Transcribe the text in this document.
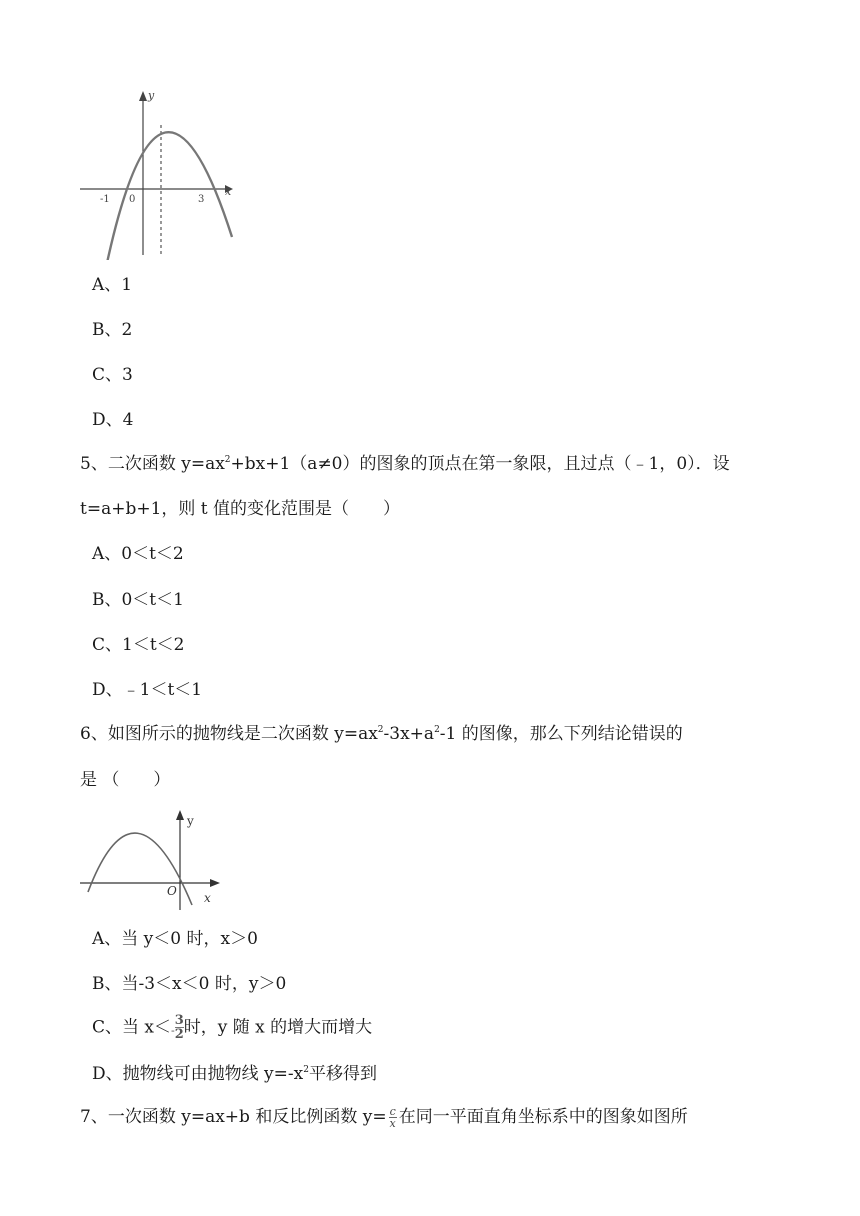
y
x
-1 0	3
A、1
B、2
C、3
D、4
5、二次函数 $y=ax^2+bx+1(a\ne 0)$的图象的顶点在第一象限，且过点（﹣1，0）．设
t=a+b+1，则 t 值的变化范围是（　　）
A、0＜t＜2
B、0＜t＜1
C、1＜t＜2
D、﹣1＜t＜1
6、如图所示的抛物线是二次函数 $y=ax^2-3x+a^2-1$ 的图像，那么下列结论错误的
是 （　　）
y
x
O
A、当 y＜0 时，x＞0
B、当-3＜x＜0 时，y＞0
C、当 $x<^- \frac{3}{2}$ 时，y 随 x 的增大而增大
D、抛物线可由抛物线 $y=-x^2$平移得到
7、一次函数 y=ax+b 和反比例函数 $y= \frac{c}{x}$ 在同一平面直角坐标系中的图象如图所
